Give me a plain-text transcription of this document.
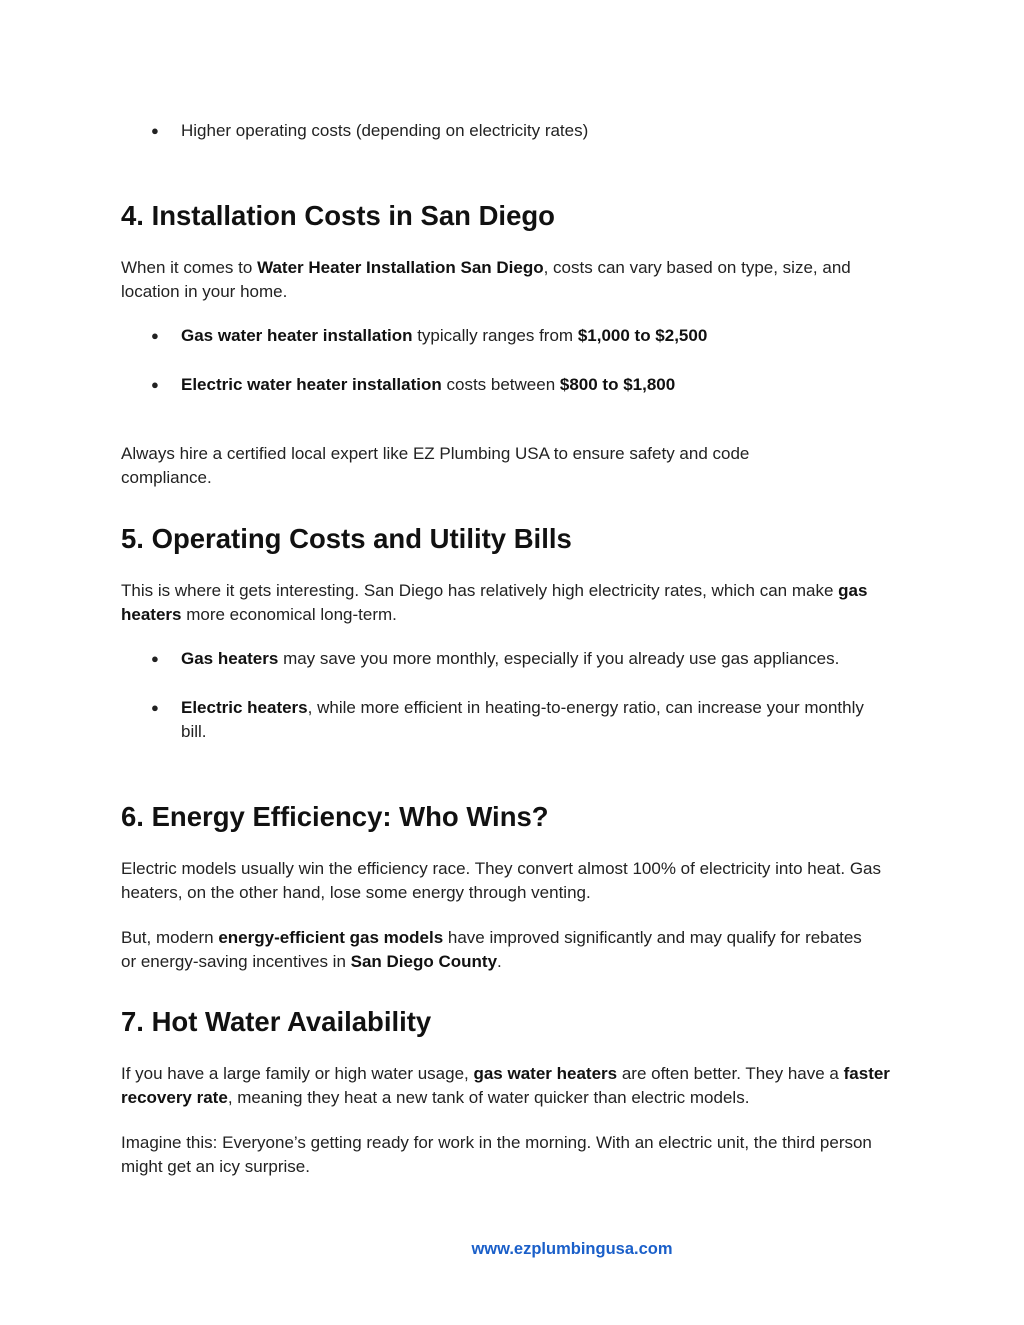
● Higher operating costs (depending on electricity rates)
4. Installation Costs in San Diego
When it comes to Water Heater Installation San Diego, costs can vary based on type, size, and location in your home.
● Gas water heater installation typically ranges from $1,000 to $2,500
● Electric water heater installation costs between $800 to $1,800
Always hire a certified local expert like EZ Plumbing USA to ensure safety and code compliance.
5. Operating Costs and Utility Bills
This is where it gets interesting. San Diego has relatively high electricity rates, which can make gas heaters more economical long-term.
● Gas heaters may save you more monthly, especially if you already use gas appliances.
● Electric heaters, while more efficient in heating-to-energy ratio, can increase your monthly bill.
6. Energy Efficiency: Who Wins?
Electric models usually win the efficiency race. They convert almost 100% of electricity into heat. Gas heaters, on the other hand, lose some energy through venting.
But, modern energy-efficient gas models have improved significantly and may qualify for rebates or energy-saving incentives in San Diego County.
7. Hot Water Availability
If you have a large family or high water usage, gas water heaters are often better. They have a faster recovery rate, meaning they heat a new tank of water quicker than electric models.
Imagine this: Everyone’s getting ready for work in the morning. With an electric unit, the third person might get an icy surprise.
www.ezplumbingusa.com
